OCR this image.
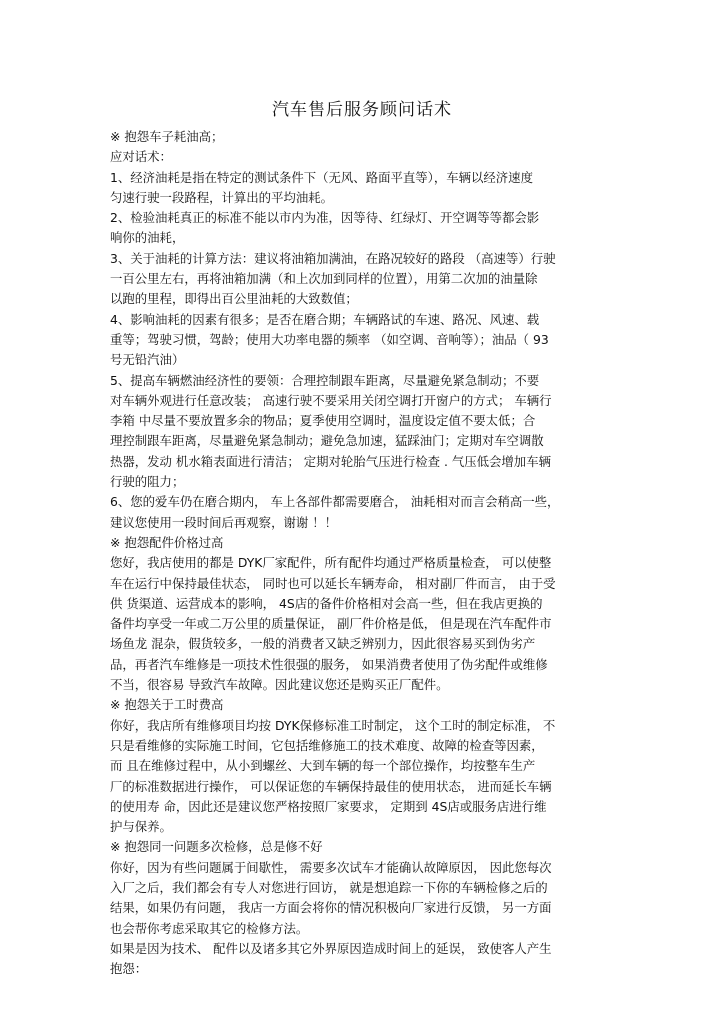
汽车售后服务顾问话术
※ 抱怨车子耗油高；
应对话术：
1、经济油耗是指在特定的测试条件下（无风、路面平直等），车辆以经济速度
匀速行驶一段路程，计算出的平均油耗。
2、检验油耗真正的标准不能以市内为准，因等待、红绿灯、开空调等等都会影
响你的油耗，
3、关于油耗的计算方法：建议将油箱加满油，在路况较好的路段 （高速等）行驶
一百公里左右，再将油箱加满（和上次加到同样的位置），用第二次加的油量除
以跑的里程，即得出百公里油耗的大致数值；
4、影响油耗的因素有很多；是否在磨合期；车辆路试的车速、路况、风速、载
重等；驾驶习惯，驾龄；使用大功率电器的频率 （如空调、音响等）；油品（ 93
号无铅汽油）
5、提高车辆燃油经济性的要领：合理控制跟车距离，尽量避免紧急制动；不要
对车辆外观进行任意改装； 高速行驶不要采用关闭空调打开窗户的方式； 车辆行
李箱 中尽量不要放置多余的物品；夏季使用空调时，温度设定值不要太低；合
理控制跟车距离，尽量避免紧急制动；避免急加速，猛踩油门；定期对车空调散
热器，发动 机水箱表面进行清洁； 定期对轮胎气压进行检查 . 气压低会增加车辆
行驶的阻力；
6、您的爱车仍在磨合期内， 车上各部件都需要磨合， 油耗相对而言会稍高一些，
建议您使用一段时间后再观察，谢谢 ！！
※ 抱怨配件价格过高
您好，我店使用的都是 DYK厂家配件，所有配件均通过严格质量检查， 可以使整
车在运行中保持最佳状态， 同时也可以延长车辆寿命， 相对副厂件而言， 由于受
供 货渠道、运营成本的影响， 4S店的备件价格相对会高一些，但在我店更换的
备件均享受一年或二万公里的质量保证， 副厂件价格是低， 但是现在汽车配件市
场鱼龙 混杂，假货较多，一般的消费者又缺乏辨别力，因此很容易买到伪劣产
品，再者汽车维修是一项技术性很强的服务， 如果消费者使用了伪劣配件或维修
不当，很容易 导致汽车故障。因此建议您还是购买正厂配件。
※ 抱怨关于工时费高
你好，我店所有维修项目均按 DYK保修标准工时制定， 这个工时的制定标准， 不
只是看维修的实际施工时间，它包括维修施工的技术难度、故障的检查等因素，
而 且在维修过程中，从小到螺丝、大到车辆的每一个部位操作，均按整车生产
厂的标准数据进行操作， 可以保证您的车辆保持最佳的使用状态， 进而延长车辆
的使用寿 命，因此还是建议您严格按照厂家要求， 定期到 4S店或服务店进行维
护与保养。
※ 抱怨同一问题多次检修，总是修不好
你好，因为有些问题属于间歇性， 需要多次试车才能确认故障原因， 因此您每次
入厂之后，我们都会有专人对您进行回访， 就是想追踪一下你的车辆检修之后的
结果，如果仍有问题， 我店一方面会将你的情况积极向厂家进行反馈， 另一方面
也会帮你考虑采取其它的检修方法。
如果是因为技术、 配件以及诸多其它外界原因造成时间上的延误， 致使客人产生
抱怨：
